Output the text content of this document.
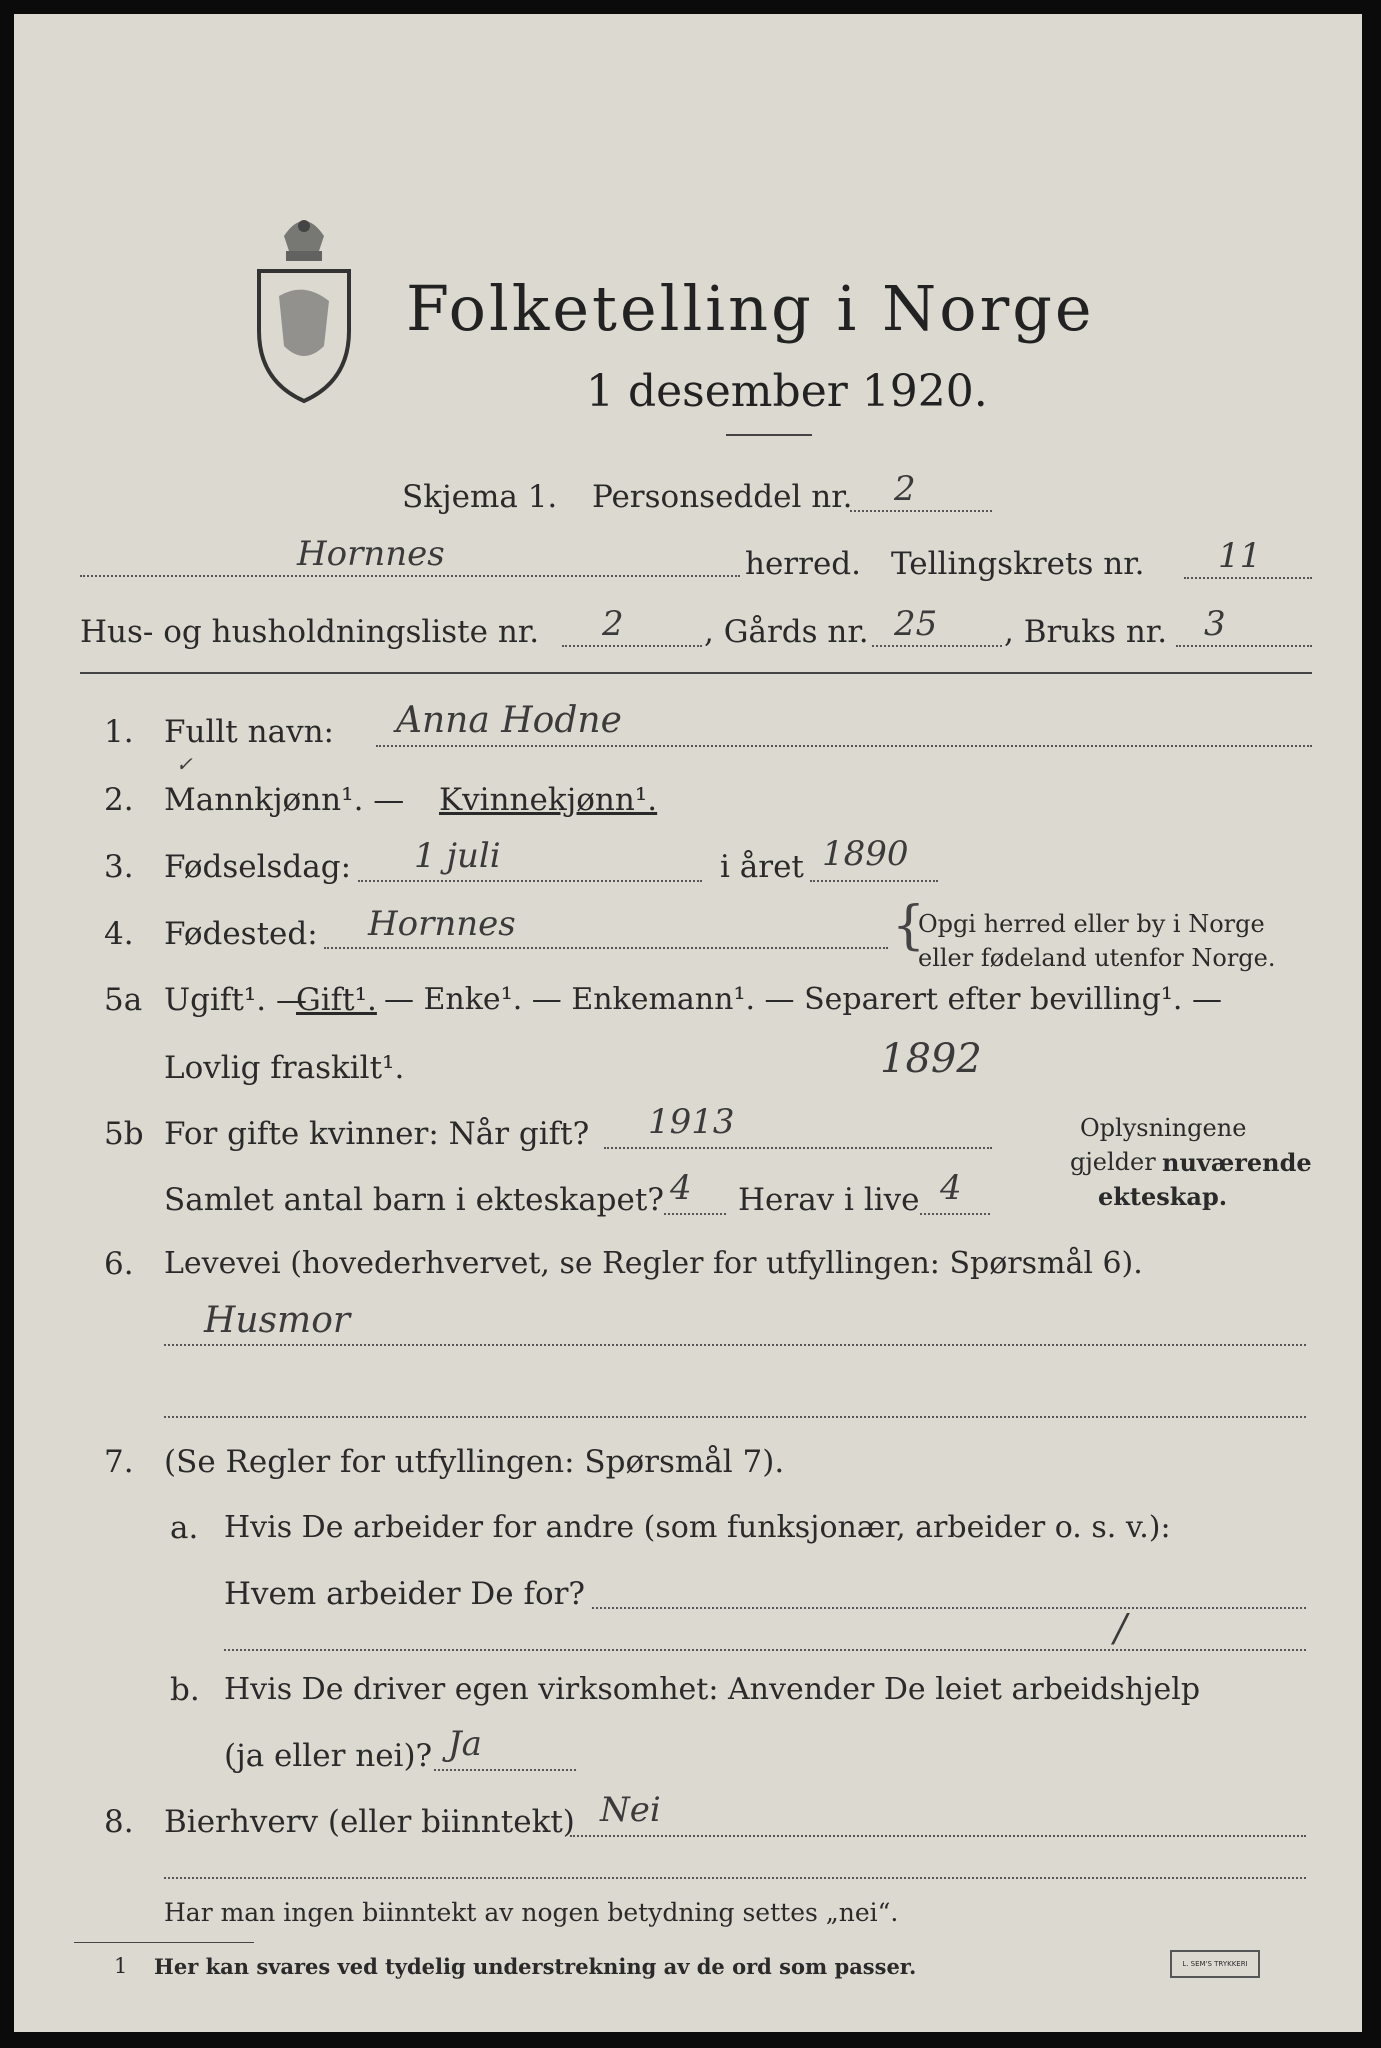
Folketelling i Norge
1 desember 1920.
Skjema 1. Personseddel nr. 2
Hornnes	herred. Tellingskrets nr. 11
Hus- og husholdningsliste nr. 2	, Gårds nr. 25 , Bruks nr. 3
1. Fullt navn: Anna Hodne
✓
2. Mannkjønn¹. — Kvinnekjønn¹.
3. Fødselsdag: 1 juli	i året 1890
4. Fødested: Hornnes	{
Opgi herred eller by i Norge
eller fødeland utenfor Norge.
5a Ugift¹. —
Gift¹. — Enke¹. — Enkemann¹. — Separert efter bevilling¹. —
Lovlig fraskilt¹.	1892
5b For gifte kvinner: Når gift? 1913
Samlet antal barn i ekteskapet? 4 Herav i live 4
Oplysningene
gjelder nuværende
ekteskap.
6. Levevei (hovederhvervet, se Regler for utfyllingen: Spørsmål 6).
Husmor
7. (Se Regler for utfyllingen: Spørsmål 7).
a. Hvis De arbeider for andre (som funksjonær, arbeider o. s. v.):
Hvem arbeider De for?
/
b. Hvis De driver egen virksomhet: Anvender De leiet arbeidshjelp
(ja eller nei)? Ja
8. Bierhverv (eller biinntekt) Nei
Har man ingen biinntekt av nogen betydning settes „nei“.
1 Her kan svares ved tydelig understrekning av de ord som passer.	L. SEM'S TRYKKERI
